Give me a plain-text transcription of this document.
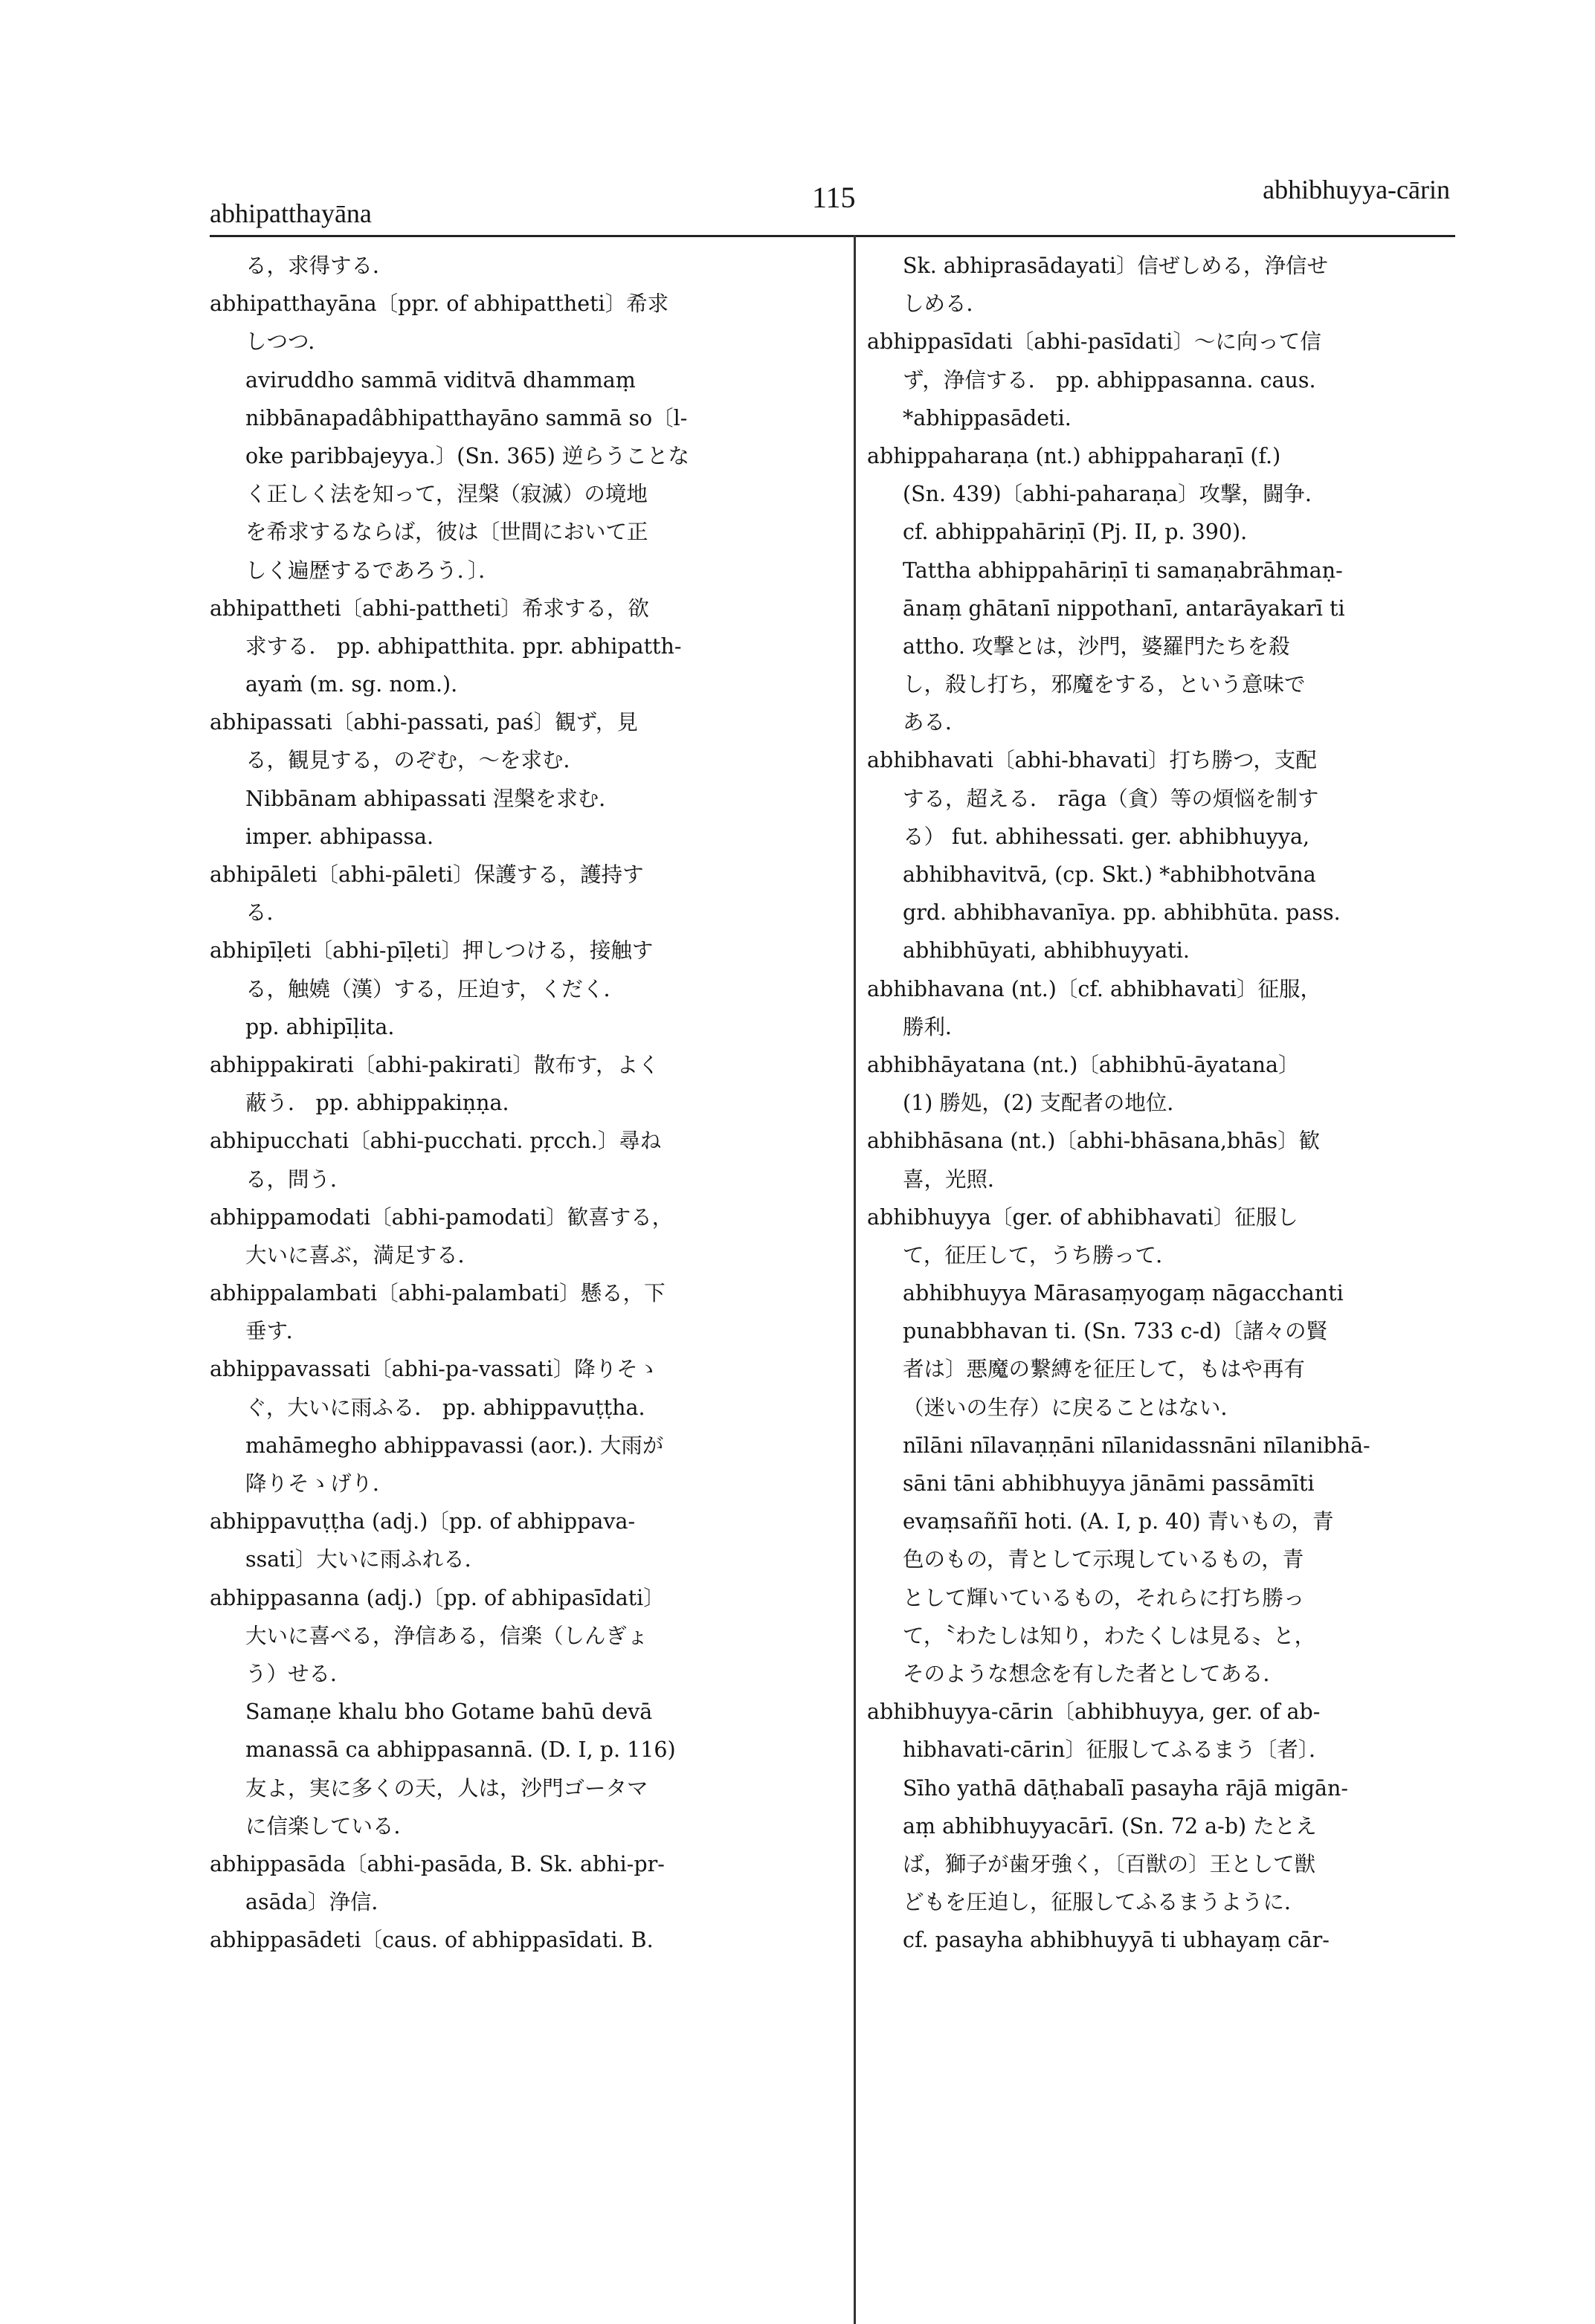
abhipatthayāna	115	abhibhuyya-cārin
る，求得する．
abhipatthayāna〔ppr. of abhipattheti〕希求
しつつ．
aviruddho sammā viditvā dhammaṃ
nibbānapadâbhipatthayāno sammā so〔l-
oke paribbajeyya.〕(Sn. 365) 逆らうことな
く正しく法を知って，涅槃（寂滅）の境地
を希求するならば，彼は〔世間において正
しく遍歴するであろう．〕．
abhipattheti〔abhi-pattheti〕希求する，欲
求する． pp. abhipatthita. ppr. abhipatth-
ayaṁ (m. sg. nom.).
abhipassati〔abhi-passati, paś〕観ず，見
る，観見する，のぞむ，～を求む．
Nibbānam abhipassati 涅槃を求む．
imper. abhipassa.
abhipāleti〔abhi-pāleti〕保護する，護持す
る．
abhipīḷeti〔abhi-pīḷeti〕押しつける，接触す
る，触嬈（漢）する，圧迫す，くだく．
pp. abhipīḷita.
abhippakirati〔abhi-pakirati〕散布す，よく
蔽う． pp. abhippakiṇṇa.
abhipucchati〔abhi-pucchati. pṛcch.〕尋ね
る，問う．
abhippamodati〔abhi-pamodati〕歓喜する，
大いに喜ぶ，満足する．
abhippalambati〔abhi-palambati〕懸る，下
垂す．
abhippavassati〔abhi-pa-vassati〕降りそゝ
ぐ，大いに雨ふる． pp. abhippavuṭṭha.
mahāmegho abhippavassi (aor.). 大雨が
降りそゝげり．
abhippavuṭṭha (adj.)〔pp. of abhippava-
ssati〕大いに雨ふれる．
abhippasanna (adj.)〔pp. of abhipasīdati〕
大いに喜べる，浄信ある，信楽（しんぎょ
う）せる．
Samaṇe khalu bho Gotame bahū devā
manassā ca abhippasannā. (D. I, p. 116)
友よ，実に多くの天，人は，沙門ゴータマ
に信楽している．
abhippasāda〔abhi-pasāda, B. Sk. abhi-pr-
asāda〕浄信．
abhippasādeti〔caus. of abhippasīdati. B.
Sk. abhiprasādayati〕信ぜしめる，浄信せ
しめる．
abhippasīdati〔abhi-pasīdati〕～に向って信
ず，浄信する． pp. abhippasanna. caus.
*abhippasādeti.
abhippaharaṇa (nt.) abhippaharaṇī (f.)
(Sn. 439)〔abhi-paharaṇa〕攻撃，闘争．
cf. abhippahāriṇī (Pj. II, p. 390).
Tattha abhippahāriṇī ti samaṇabrāhmaṇ-
ānaṃ ghātanī nippothanī, antarāyakarī ti
attho. 攻撃とは，沙門，婆羅門たちを殺
し，殺し打ち，邪魔をする，という意味で
ある．
abhibhavati〔abhi-bhavati〕打ち勝つ，支配
する，超える． rāga（貪）等の煩悩を制す
る） fut. abhihessati. ger. abhibhuyya,
abhibhavitvā, (cp. Skt.) *abhibhotvāna
grd. abhibhavanīya. pp. abhibhūta. pass.
abhibhūyati, abhibhuyyati.
abhibhavana (nt.)〔cf. abhibhavati〕征服，
勝利．
abhibhāyatana (nt.)〔abhibhū-āyatana〕
(1) 勝処，(2) 支配者の地位．
abhibhāsana (nt.)〔abhi-bhāsana,bhās〕歓
喜，光照．
abhibhuyya〔ger. of abhibhavati〕征服し
て，征圧して，うち勝って．
abhibhuyya Mārasaṃyogaṃ nāgacchanti
punabbhavan ti. (Sn. 733 c-d)〔諸々の賢
者は〕悪魔の繋縛を征圧して，もはや再有
（迷いの生存）に戻ることはない．
nīlāni nīlavaṇṇāni nīlanidassnāni nīlanibhā-
sāni tāni abhibhuyya jānāmi passāmīti
evaṃsaññī hoti. (A. I, p. 40) 青いもの，青
色のもの，青として示現しているもの，青
として輝いているもの，それらに打ち勝っ
て，〝わたしは知り，わたくしは見る〟と，
そのような想念を有した者としてある．
abhibhuyya-cārin〔abhibhuyya, ger. of ab-
hibhavati-cārin〕征服してふるまう〔者〕．
Sīho yathā dāṭhabalī pasayha rājā migān-
aṃ abhibhuyyacārī. (Sn. 72 a-b) たとえ
ば，獅子が歯牙強く，〔百獣の〕王として獣
どもを圧迫し，征服してふるまうように．
cf. pasayha abhibhuyyā ti ubhayaṃ cār-
